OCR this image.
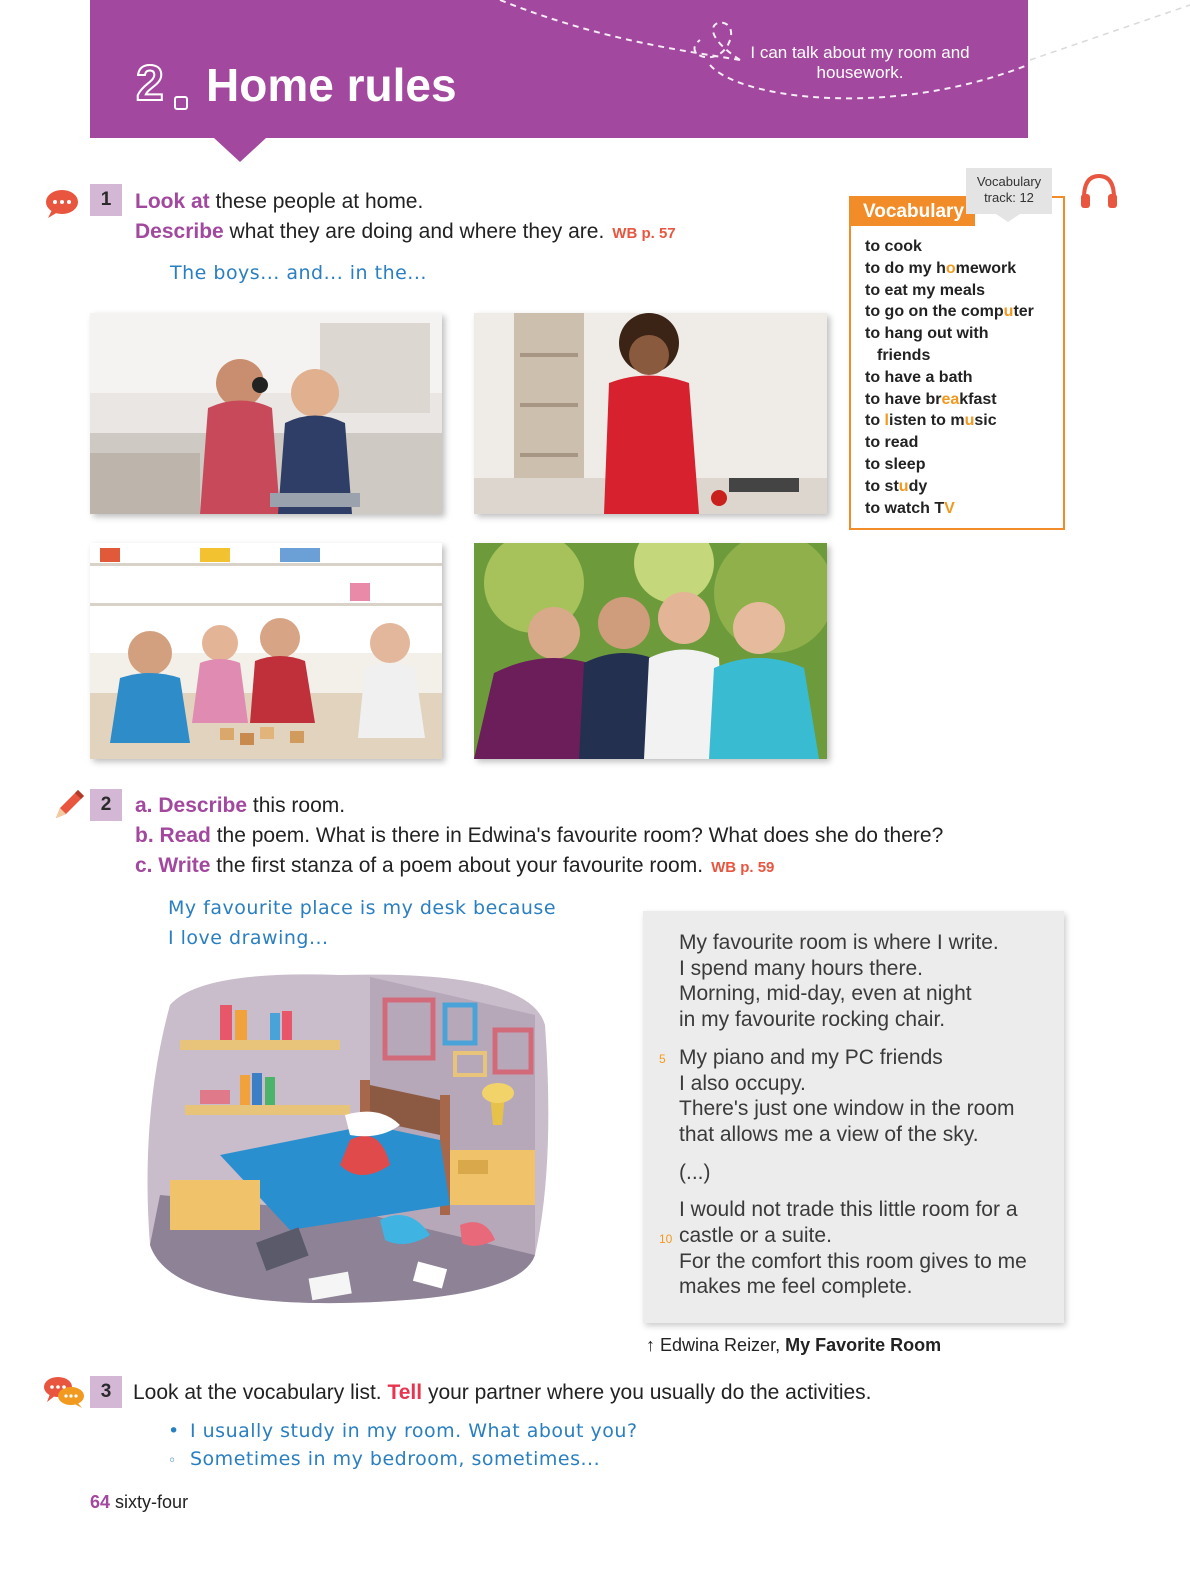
2 Home rules
I can talk about my room and housework.
1	Look at these people at home.
Describe what they are doing and where they are. WB p. 57
The boys... and... in the...
Vocabulary
Vocabulary
track: 12
to cook
to do my homework
to eat my meals
to go on the computer
to hang out with
friends
to have a bath
to have breakfast
to listen to music
to read
to sleep
to study
to watch TV
2	a. Describe this room.
b. Read the poem. What is there in Edwina's favourite room? What does she do there?
c. Write the first stanza of a poem about your favourite room. WB p. 59
My favourite place is my desk because
I love drawing...	My favourite room is where I write.
I spend many hours there.
Morning, mid-day, even at night
in my favourite rocking chair.

5 My piano and my PC friends
I also occupy.
There's just one window in the room
that allows me a view of the sky.

(...)

10
I would not trade this little room for a
castle or a suite.
For the comfort this room gives to me
makes me feel complete.

↑ Edwina Reizer, My Favorite Room
3	Look at the vocabulary list. Tell your partner where you usually do the activities.
• I usually study in my room. What about you?
◦ Sometimes in my bedroom, sometimes...
64 sixty-four
